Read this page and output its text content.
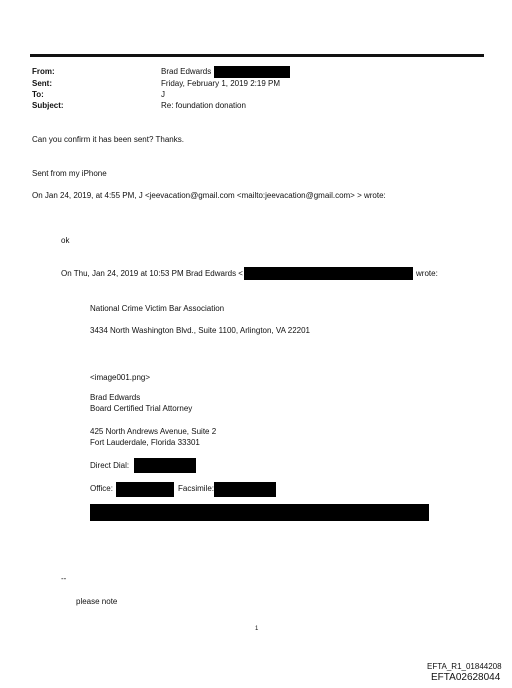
From:	Brad Edwards
Sent:	Friday, February 1, 2019 2:19 PM
To:	J
Subject:	Re: foundation donation
Can you confirm it has been sent? Thanks.
Sent from my iPhone
On Jan 24, 2019, at 4:55 PM, J <jeevacation@gmail.com <mailto:jeevacation@gmail.com> > wrote:
ok
On Thu, Jan 24, 2019 at 10:53 PM Brad Edwards <	wrote:
National Crime Victim Bar Association
3434 North Washington Blvd., Suite 1100, Arlington, VA 22201
<image001.png>
Brad Edwards
Board Certified Trial Attorney
425 North Andrews Avenue, Suite 2
Fort Lauderdale, Florida 33301
Direct Dial:
Office:	Facsimile:
--
please note
1
EFTA_R1_01844208
EFTA02628044
